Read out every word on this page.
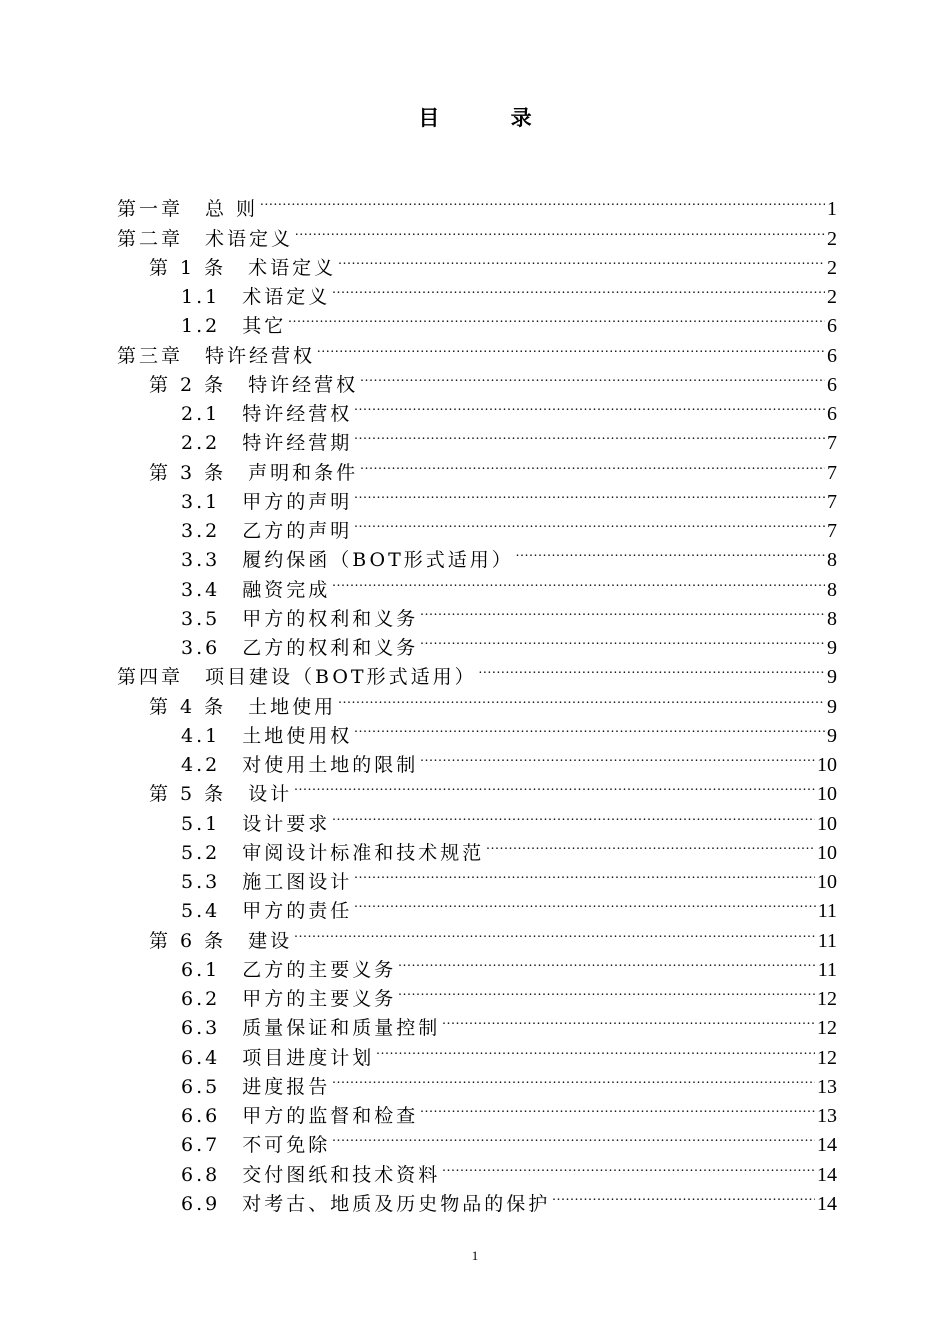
目 录
第一章 总 则 .....	1
第二章 术语定义 .....	2
第 1 条 术语定义 .....	2
1.1 术语定义 .....	2
1.2 其它 .....	6
第三章 特许经营权 .....	6
第 2 条 特许经营权 .....	6
2.1 特许经营权 .....	6
2.2 特许经营期 .....	7
第 3 条 声明和条件 .....	7
3.1 甲方的声明 .....	7
3.2 乙方的声明 .....	7
3.3 履约保函（BOT形式适用） .....	8
3.4 融资完成 .....	8
3.5 甲方的权利和义务 .....	8
3.6 乙方的权利和义务 .....	9
第四章 项目建设（BOT形式适用） .....	9
第 4 条 土地使用 .....	9
4.1 土地使用权 .....	9
4.2 对使用土地的限制 .....	10
第 5 条 设计 .....	10
5.1 设计要求 .....	10
5.2 审阅设计标准和技术规范 .....	10
5.3 施工图设计 .....	10
5.4 甲方的责任 .....	11
第 6 条 建设 .....	11
6.1 乙方的主要义务 .....	11
6.2 甲方的主要义务 .....	12
6.3 质量保证和质量控制 .....	12
6.4 项目进度计划 .....	12
6.5 进度报告 .....	13
6.6 甲方的监督和检查 .....	13
6.7 不可免除 .....	14
6.8 交付图纸和技术资料 .....	14
6.9 对考古、地质及历史物品的保护 .....	14
1
